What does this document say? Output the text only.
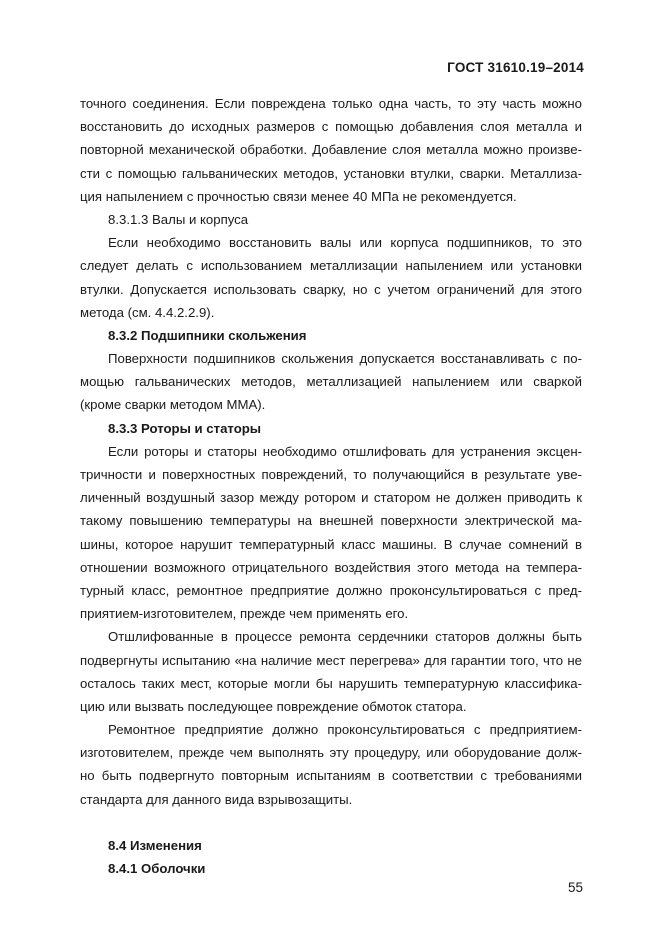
ГОСТ 31610.19–2014
точного соединения. Если повреждена только одна часть, то эту часть можно
восстановить до исходных размеров с помощью добавления слоя металла и
повторной механической обработки. Добавление слоя металла можно произве-
сти с помощью гальванических методов, установки втулки, сварки. Металлиза-
ция напылением с прочностью связи менее 40 МПа не рекомендуется.
8.3.1.3 Валы и корпуса
Если необходимо восстановить валы или корпуса подшипников, то это
следует делать с использованием металлизации напылением или установки
втулки. Допускается использовать сварку, но с учетом ограничений для этого
метода (см. 4.4.2.2.9).
8.3.2 Подшипники скольжения
Поверхности подшипников скольжения допускается восстанавливать с по-
мощью гальванических методов, металлизацией напылением или сваркой
(кроме сварки методом ММА).
8.3.3 Роторы и статоры
Если роторы и статоры необходимо отшлифовать для устранения эксцен-
тричности и поверхностных повреждений, то получающийся в результате уве-
личенный воздушный зазор между ротором и статором не должен приводить к
такому повышению температуры на внешней поверхности электрической ма-
шины, которое нарушит температурный класс машины. В случае сомнений в
отношении возможного отрицательного воздействия этого метода на темпера-
турный класс, ремонтное предприятие должно проконсультироваться с пред-
приятием-изготовителем, прежде чем применять его.
Отшлифованные в процессе ремонта сердечники статоров должны быть
подвергнуты испытанию «на наличие мест перегрева» для гарантии того, что не
осталось таких мест, которые могли бы нарушить температурную классифика-
цию или вызвать последующее повреждение обмоток статора.
Ремонтное предприятие должно проконсультироваться с предприятием-
изготовителем, прежде чем выполнять эту процедуру, или оборудование долж-
но быть подвергнуто повторным испытаниям в соответствии с требованиями
стандарта для данного вида взрывозащиты.
8.4 Изменения
8.4.1 Оболочки
55
